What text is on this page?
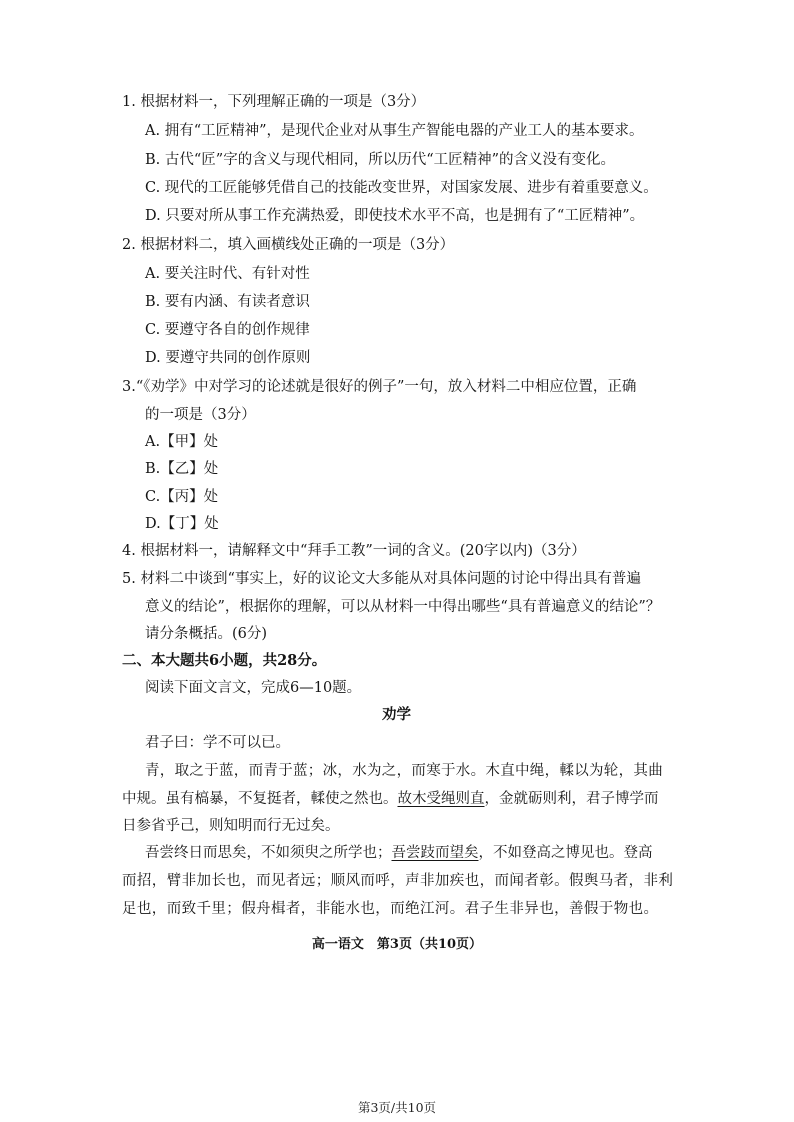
1. 根据材料一，下列理解正确的一项是（3分）
A. 拥有“工匠精神”，是现代企业对从事生产智能电器的产业工人的基本要求。
B. 古代“匠”字的含义与现代相同，所以历代“工匠精神”的含义没有变化。
C. 现代的工匠能够凭借自己的技能改变世界，对国家发展、进步有着重要意义。
D. 只要对所从事工作充满热爱，即使技术水平不高，也是拥有了“工匠精神”。
2. 根据材料二，填入画横线处正确的一项是（3分）
A. 要关注时代、有针对性
B. 要有内涵、有读者意识
C. 要遵守各自的创作规律
D. 要遵守共同的创作原则
3.“《劝学》中对学习的论述就是很好的例子”一句，放入材料二中相应位置，正确
的一项是（3分）
A.【甲】处
B.【乙】处
C.【丙】处
D.【丁】处
4. 根据材料一，请解释文中“拜手工教”一词的含义。(20字以内)（3分）
5. 材料二中谈到“事实上，好的议论文大多能从对具体问题的讨论中得出具有普遍
意义的结论”，根据你的理解，可以从材料一中得出哪些“具有普遍意义的结论”？
请分条概括。(6分)
二、本大题共6小题，共28分。
阅读下面文言文，完成6—10题。
劝学
君子曰：学不可以已。
青，取之于蓝，而青于蓝；冰，水为之，而寒于水。木直中绳，輮以为轮，其曲
中规。虽有槁暴，不复挺者，輮使之然也。故木受绳则直，金就砺则利，君子博学而
日参省乎己，则知明而行无过矣。
吾尝终日而思矣，不如须臾之所学也；吾尝跂而望矣，不如登高之博见也。登高
而招，臂非加长也，而见者远；顺风而呼，声非加疾也，而闻者彰。假舆马者，非利
足也，而致千里；假舟楫者，非能水也，而绝江河。君子生非异也，善假于物也。
高一语文　第3页（共10页）
第3页/共10页
